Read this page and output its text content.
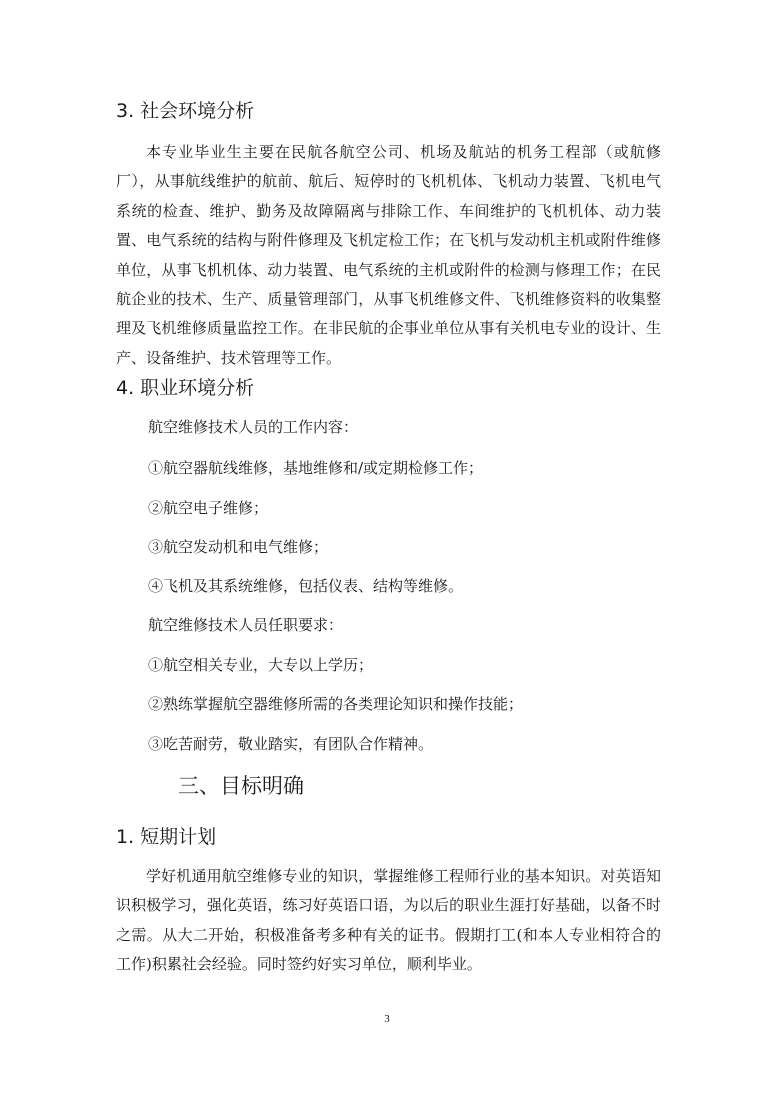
3. 社会环境分析
本专业毕业生主要在民航各航空公司、机场及航站的机务工程部（或航修厂），从事航线维护的航前、航后、短停时的飞机机体、飞机动力装置、飞机电气系统的检查、维护、勤务及故障隔离与排除工作、车间维护的飞机机体、动力装置、电气系统的结构与附件修理及飞机定检工作；在飞机与发动机主机或附件维修单位，从事飞机机体、动力装置、电气系统的主机或附件的检测与修理工作；在民航企业的技术、生产、质量管理部门，从事飞机维修文件、飞机维修资料的收集整理及飞机维修质量监控工作。在非民航的企事业单位从事有关机电专业的设计、生产、设备维护、技术管理等工作。
4. 职业环境分析
航空维修技术人员的工作内容：
①航空器航线维修，基地维修和/或定期检修工作；
②航空电子维修；
③航空发动机和电气维修；
④飞机及其系统维修，包括仪表、结构等维修。
航空维修技术人员任职要求：
①航空相关专业，大专以上学历；
②熟练掌握航空器维修所需的各类理论知识和操作技能；
③吃苦耐劳，敬业踏实，有团队合作精神。
三、目标明确
1. 短期计划
学好机通用航空维修专业的知识，掌握维修工程师行业的基本知识。对英语知识积极学习，强化英语，练习好英语口语，为以后的职业生涯打好基础，以备不时之需。从大二开始，积极准备考多种有关的证书。假期打工(和本人专业相符合的工作)积累社会经验。同时签约好实习单位，顺利毕业。
3
